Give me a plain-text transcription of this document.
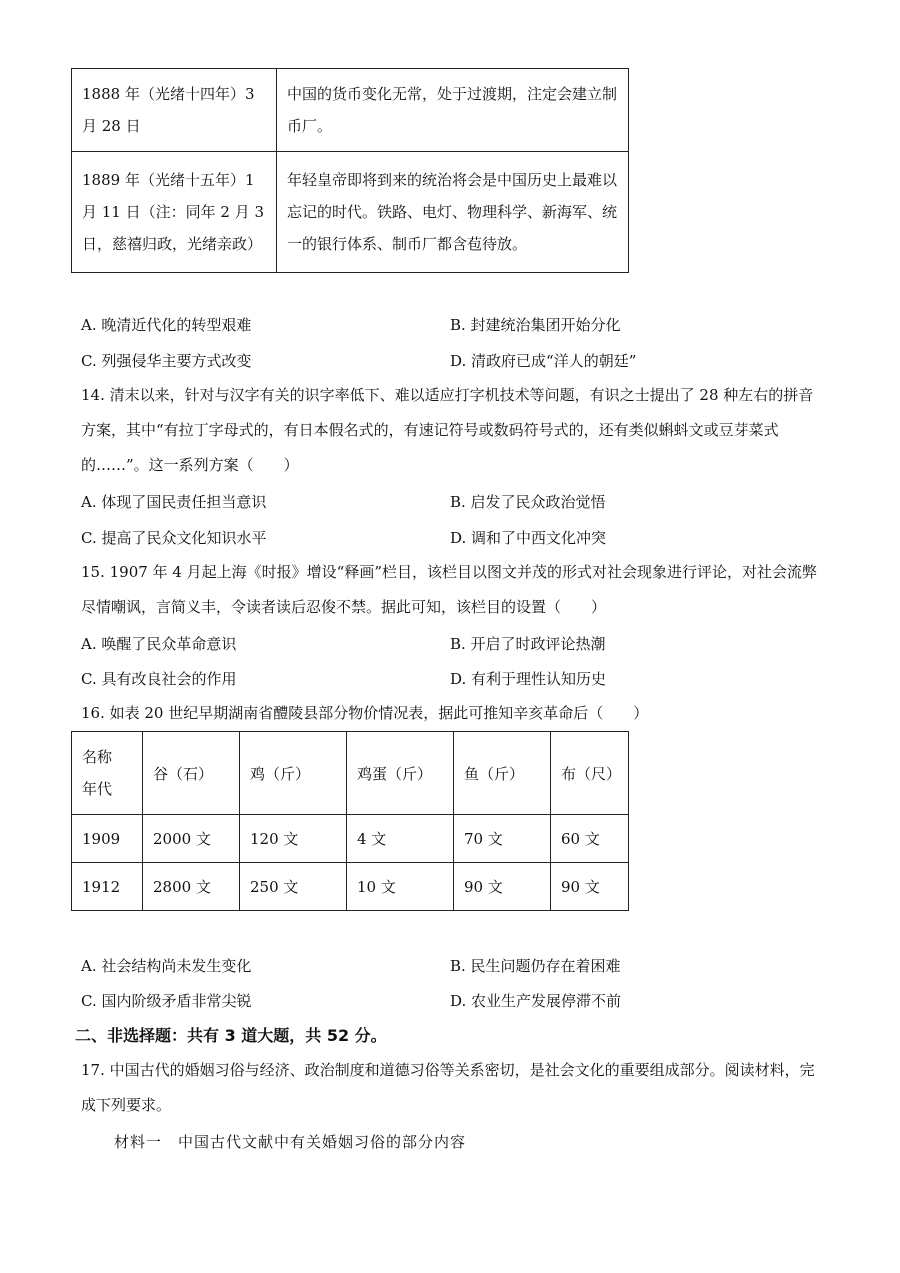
1888 年（光绪十四年）3 月 28 日	中国的货币变化无常，处于过渡期，注定会建立制币厂。
1889 年（光绪十五年）1 月 11 日（注：同年 2 月 3 日，慈禧归政，光绪亲政）	年轻皇帝即将到来的统治将会是中国历史上最难以忘记的时代。铁路、电灯、物理科学、新海军、统一的银行体系、制币厂都含苞待放。
A. 晚清近代化的转型艰难	B. 封建统治集团开始分化
C. 列强侵华主要方式改变	D. 清政府已成“洋人的朝廷”
14. 清末以来，针对与汉字有关的识字率低下、难以适应打字机技术等问题，有识之士提出了 28 种左右的拼音方案，其中“有拉丁字母式的，有日本假名式的，有速记符号或数码符号式的，还有类似蝌蚪文或豆芽菜式的……”。这一系列方案（　　）
A. 体现了国民责任担当意识	B. 启发了民众政治觉悟
C. 提高了民众文化知识水平	D. 调和了中西文化冲突
15. 1907 年 4 月起上海《时报》增设“释画”栏目，该栏目以图文并茂的形式对社会现象进行评论，对社会流弊尽情嘲讽，言简义丰，令读者读后忍俊不禁。据此可知，该栏目的设置（　　）
A. 唤醒了民众革命意识	B. 开启了时政评论热潮
C. 具有改良社会的作用	D. 有利于理性认知历史
16. 如表 20 世纪早期湖南省醴陵县部分物价情况表，据此可推知辛亥革命后（　　）
名称
年代	谷（石）	鸡（斤）	鸡蛋（斤）	鱼（斤）	布（尺）
1909	2000 文	120 文	4 文	70 文	60 文
1912	2800 文	250 文	10 文	90 文	90 文
A. 社会结构尚未发生变化	B. 民生问题仍存在着困难
C. 国内阶级矛盾非常尖锐	D. 农业生产发展停滞不前
二、非选择题：共有 3 道大题，共 52 分。
17. 中国古代的婚姻习俗与经济、政治制度和道德习俗等关系密切，是社会文化的重要组成部分。阅读材料，完成下列要求。
材料一　中国古代文献中有关婚姻习俗的部分内容
